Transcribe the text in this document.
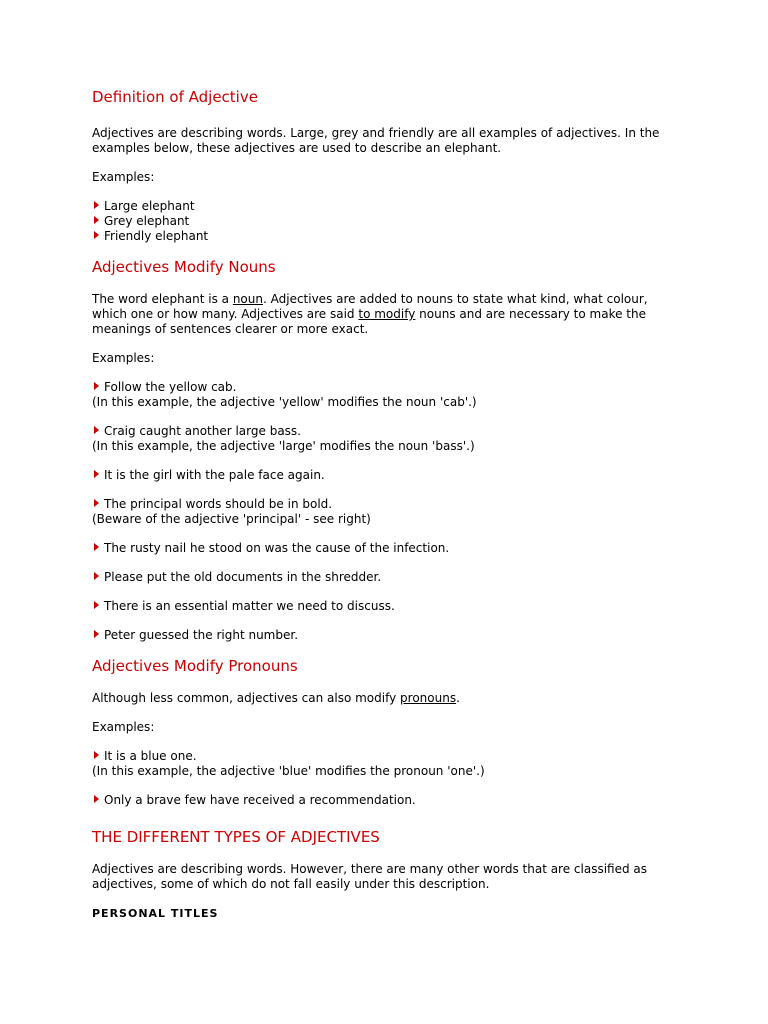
Definition of Adjective

Adjectives are describing words. Large, grey and friendly are all examples of adjectives. In the examples below, these adjectives are used to describe an elephant.

Examples:

Large elephant

Grey elephant

Friendly elephant

Adjectives Modify Nouns

The word elephant is a noun. Adjectives are added to nouns to state what kind, what colour, which one or how many. Adjectives are said to modify nouns and are necessary to make the meanings of sentences clearer or more exact.

Examples:

Follow the yellow cab.

(In this example, the adjective 'yellow' modifies the noun 'cab'.)

Craig caught another large bass.

(In this example, the adjective 'large' modifies the noun 'bass'.)

It is the girl with the pale face again.

The principal words should be in bold.

(Beware of the adjective 'principal' - see right)

The rusty nail he stood on was the cause of the infection.

Please put the old documents in the shredder.

There is an essential matter we need to discuss.

Peter guessed the right number.

Adjectives Modify Pronouns

Although less common, adjectives can also modify pronouns.

Examples:

It is a blue one.

(In this example, the adjective 'blue' modifies the pronoun 'one'.)

Only a brave few have received a recommendation.

THE DIFFERENT TYPES OF ADJECTIVES

Adjectives are describing words. However, there are many other words that are classified as adjectives, some of which do not fall easily under this description.

PERSONAL TITLES
